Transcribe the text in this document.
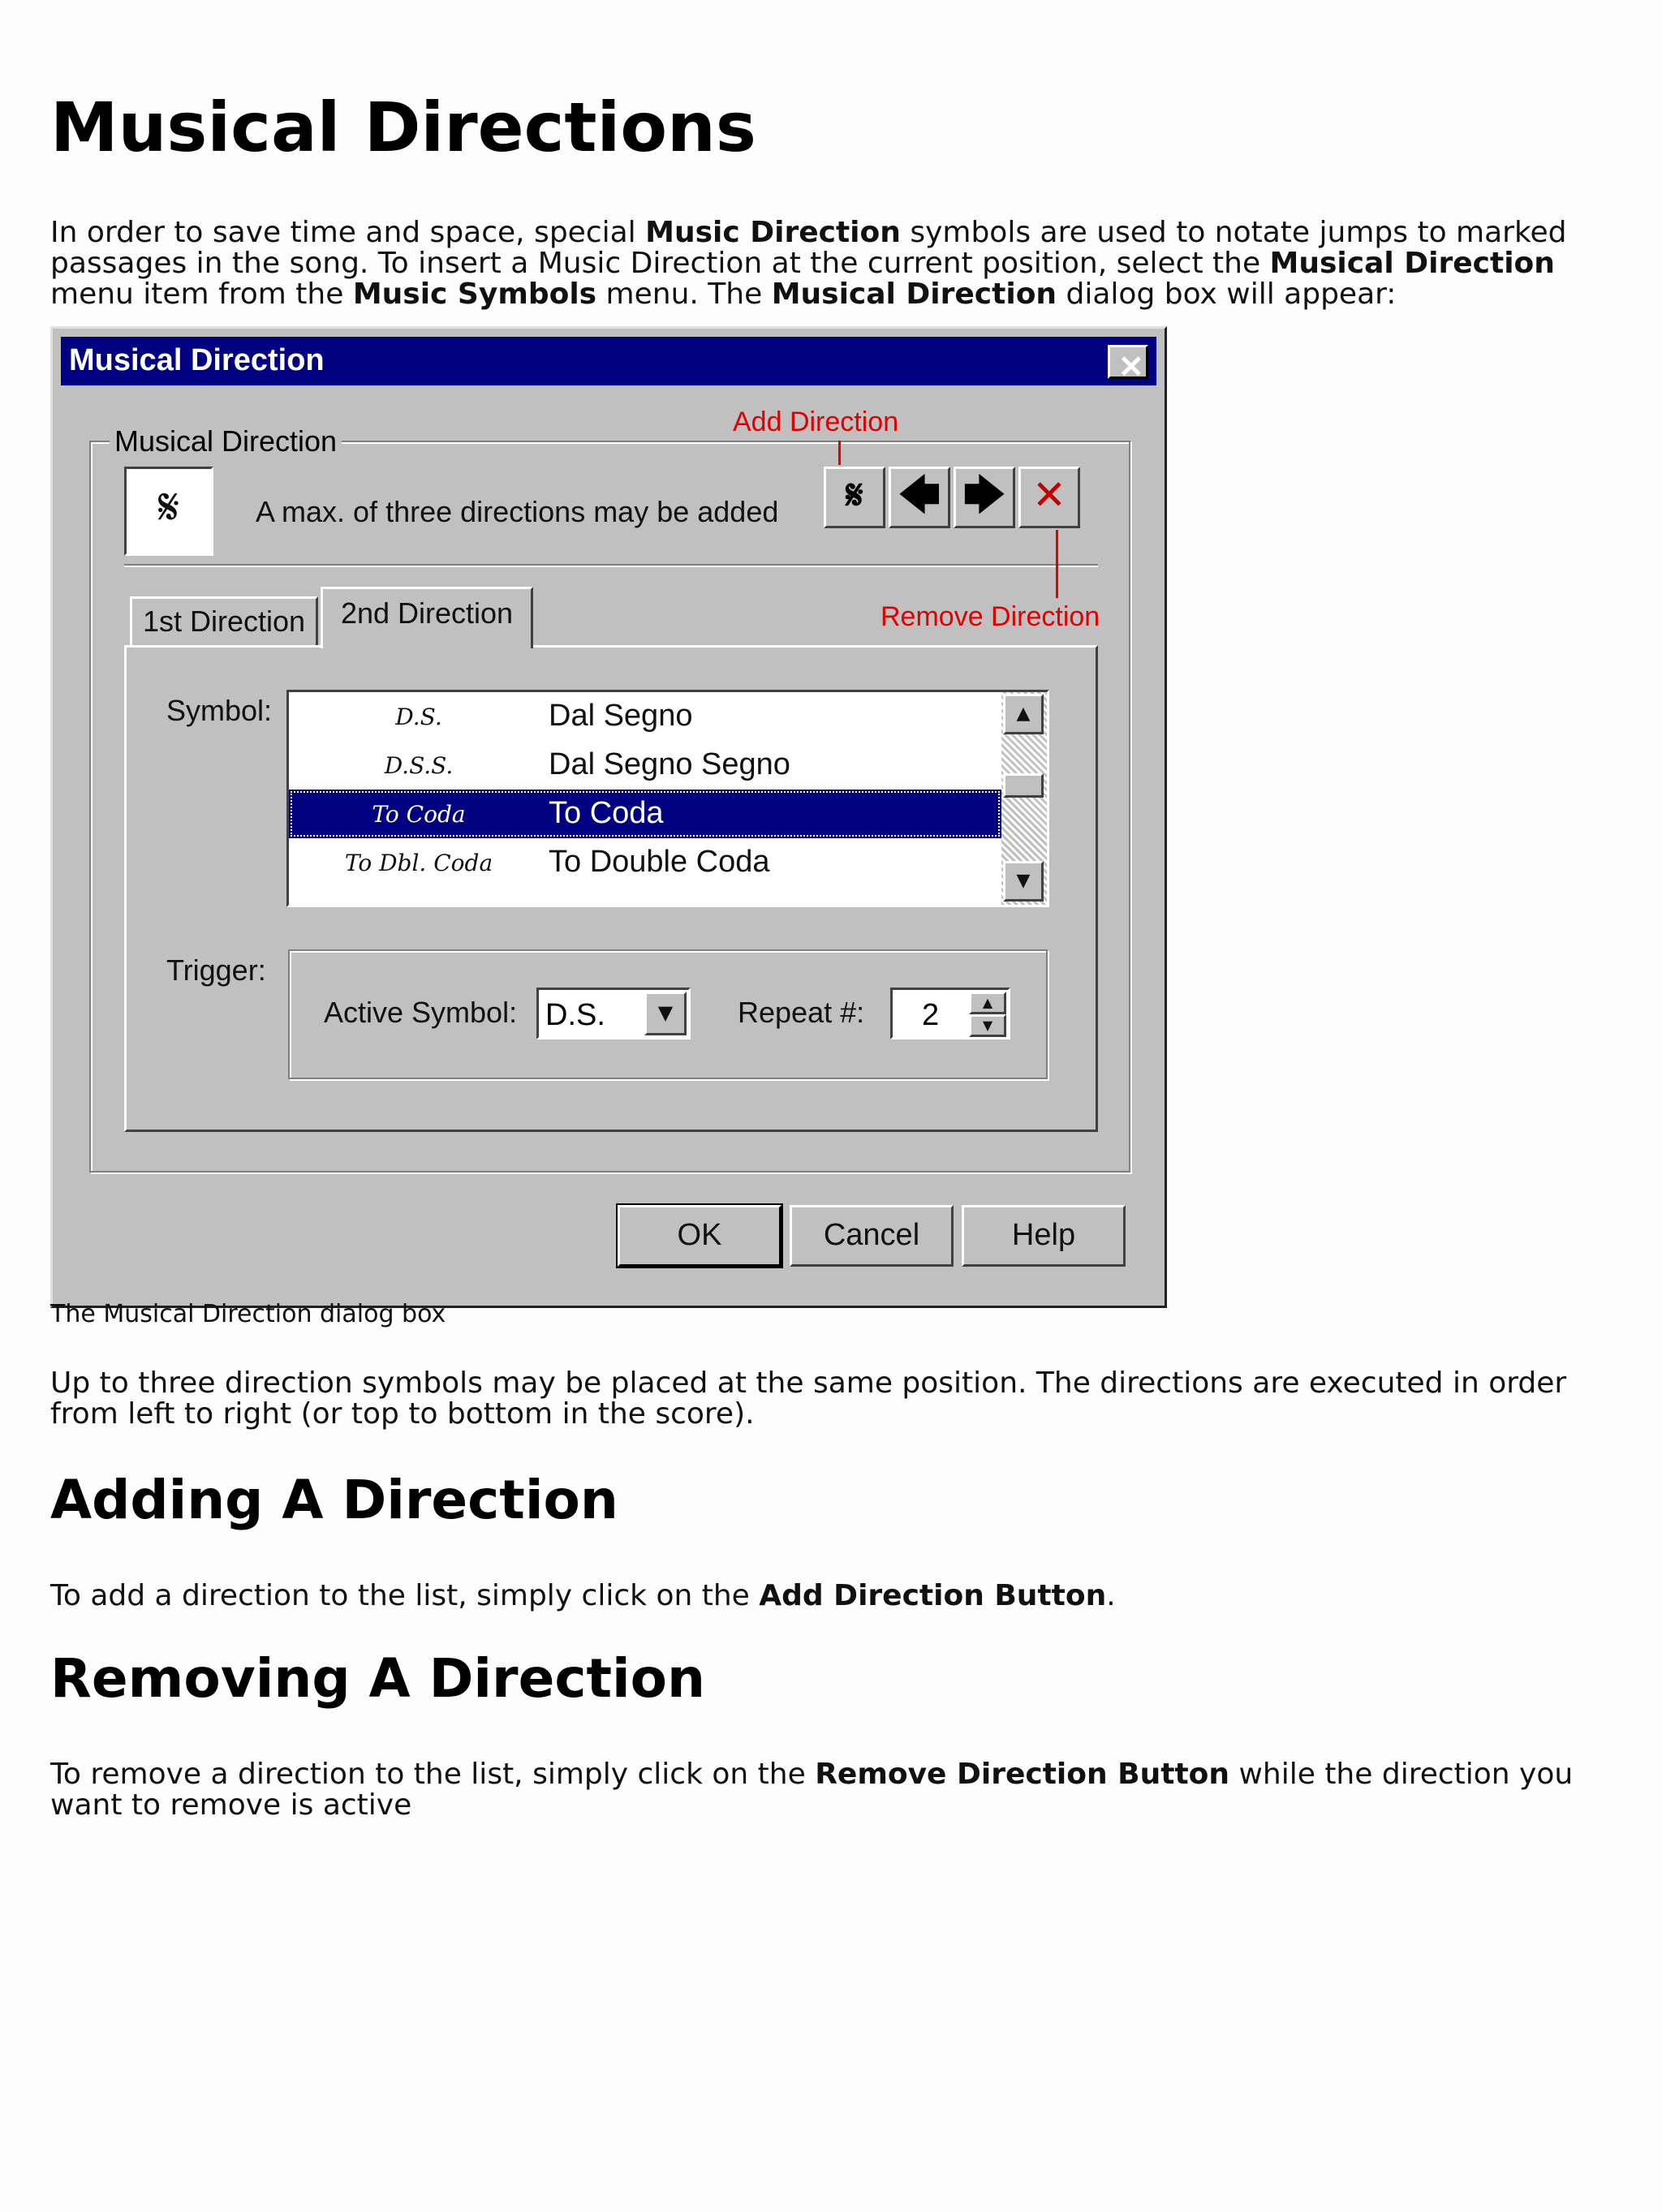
Musical Directions

In order to save time and space, special Music Direction symbols are used to notate jumps to marked passages in the song. To insert a Music Direction at the current position, select the Musical Direction menu item from the Music Symbols menu. The Musical Direction dialog box will appear:

Musical Direction	✕
Musical Direction
Add Direction
𝄋	A max. of three directions may be added	𝄋 🡄 🡆 ✕
Remove Direction
1st Direction	2nd Direction
Symbol:	D.S.	Dal Segno
D.S.S.	Dal Segno Segno
To Coda	To Coda
To Dbl. Coda	To Double Coda
▲
▼
Trigger:
Active Symbol: D.S.	▼	Repeat #: 2	▲
▼
OK	Cancel	Help
The Musical Direction dialog box

Up to three direction symbols may be placed at the same position. The directions are executed in order from left to right (or top to bottom in the score).

Adding A Direction

To add a direction to the list, simply click on the Add Direction Button.

Removing A Direction

To remove a direction to the list, simply click on the Remove Direction Button while the direction you want to remove is active
